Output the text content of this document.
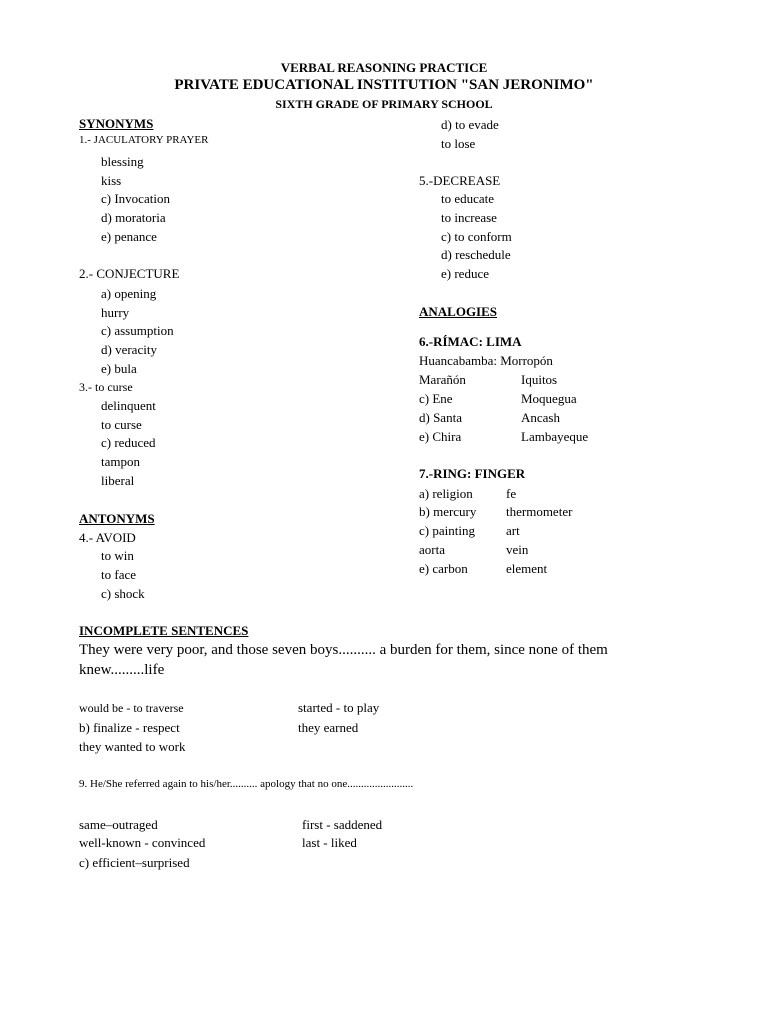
VERBAL REASONING PRACTICE
PRIVATE EDUCATIONAL INSTITUTION "SAN JERONIMO"
SIXTH GRADE OF PRIMARY SCHOOL
SYNONYMS
1.- JACULATORY PRAYER
blessing
kiss
c) Invocation
d) moratoria
e) penance
2.- CONJECTURE
a) opening
hurry
c) assumption
d) veracity
e) bula
3.- to curse
delinquent
to curse
c) reduced
tampon
liberal
ANTONYMS
4.- AVOID
to win
to face
c) shock
d) to evade
to lose
5.-DECREASE
to educate
to increase
c) to conform
d) reschedule
e) reduce
ANALOGIES
6.-RÍMAC: LIMA
Huancabamba: Morropón
Marañón	Iquitos
c) Ene	Moquegua
d) Santa	Ancash
e) Chira	Lambayeque
7.-RING: FINGER
a) religion	fe
b) mercury thermometer
c) painting art
aorta	vein
e) carbon	element
INCOMPLETE SENTENCES
They were very poor, and those seven boys.......... a burden for them, since none of them
knew.........life
would be - to traverse	started - to play
b) finalize - respect	they earned
they wanted to work
9. He/She referred again to his/her.......... apology that no one........................
same–outraged	first - saddened
well-known - convinced	last - liked
c) efficient–surprised
